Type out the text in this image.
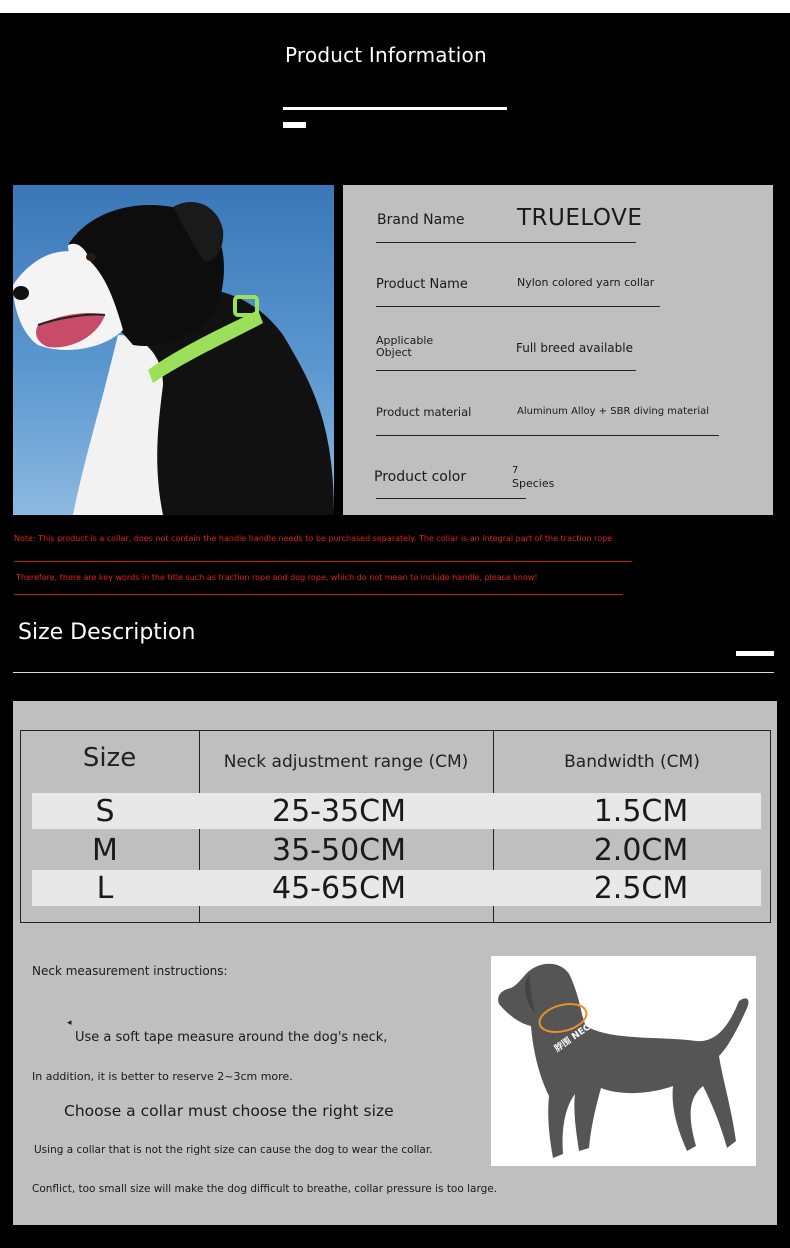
Product Information
Brand Name TRUELOVE
Product Name	Nylon colored yarn collar
Applicable Object	Full breed available
Product material	Aluminum Alloy + SBR diving material
Product color	7
Species
Note: This product is a collar, does not contain the handle handle needs to be purchased separately. The collar is an integral part of the traction rope
Therefore, there are key words in the title such as traction rope and dog rope, which do not mean to include handle, please know!
Size Description
Size	Neck adjustment range (CM)	Bandwidth (CM)
S	25-35CM	1.5CM
M	35-50CM	2.0CM
L	45-65CM	2.5CM
Neck measurement instructions:
◂
Use a soft tape measure around the dog's neck,
In addition, it is better to reserve 2~3cm more.
Choose a collar must choose the right size
Using a collar that is not the right size can cause the dog to wear the collar.
Conflict, too small size will make the dog difficult to breathe, collar pressure is too large.
脖围 NECK
